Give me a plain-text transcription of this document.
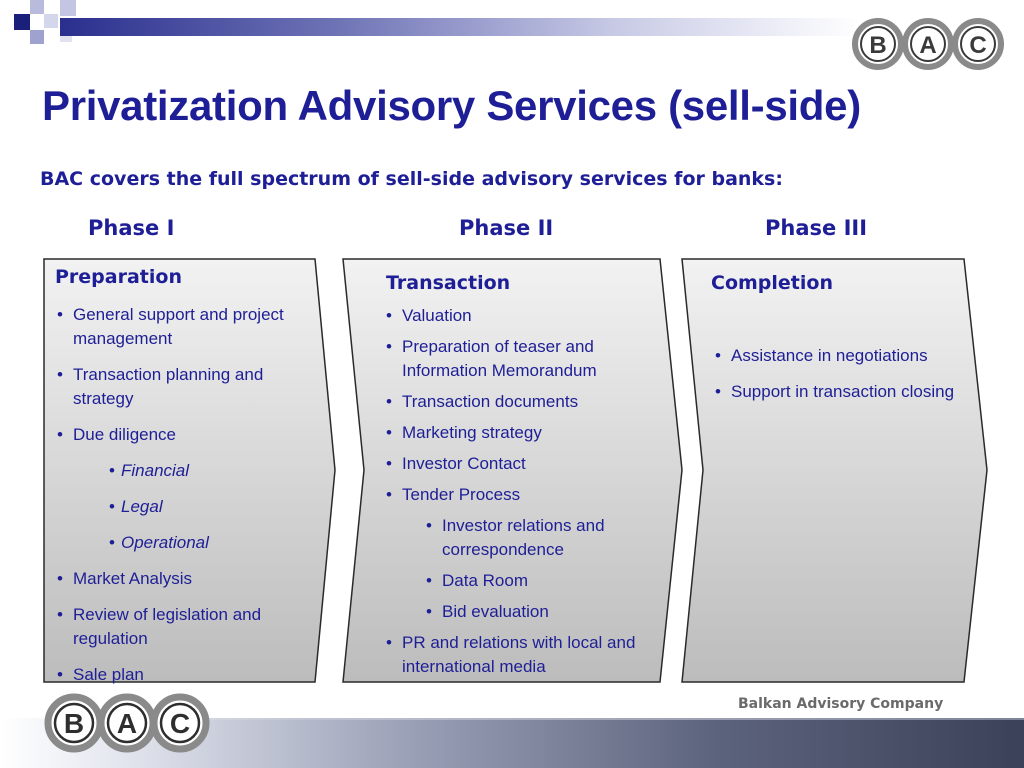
B A C
Privatization Advisory Services (sell-side)

BAC covers the full spectrum of sell-side advisory services for banks:

Phase I	Phase II	Phase III

Preparation

• General support and project management
• Transaction planning and strategy
• Due diligence
• Financial
• Legal
• Operational
• Market Analysis
• Review of legislation and regulation
• Sale plan

Transaction

• Valuation
• Preparation of teaser and Information Memorandum
• Transaction documents
• Marketing strategy
• Investor Contact
• Tender Process
• Investor relations and correspondence
• Data Room
• Bid evaluation
• PR and relations with local and international media

Completion

• Assistance in negotiations
• Support in transaction closing

Balkan Advisory Company

B A C
